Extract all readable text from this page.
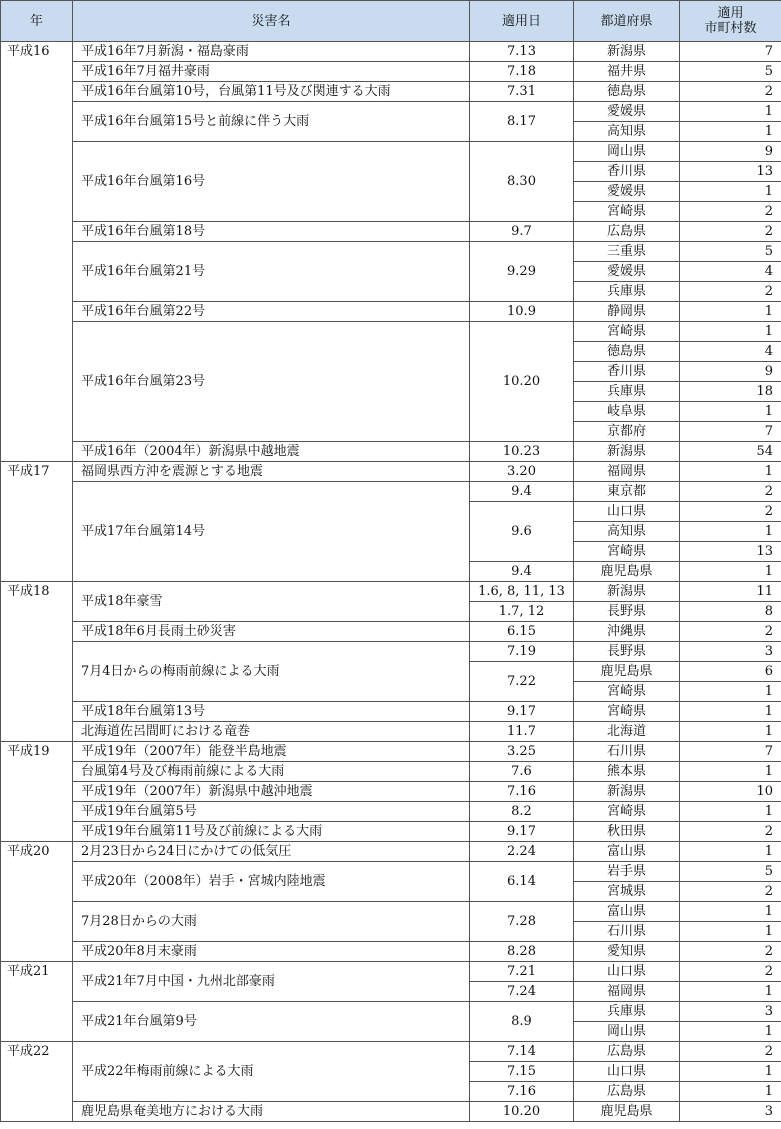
年	災害名	適用日	都道府県	適用
市町村数

平成16	平成16年7月新潟・福島豪雨	7.13	新潟県	7
	平成16年7月福井豪雨	7.18	福井県	5
	平成16年台風第10号，台風第11号及び関連する大雨	7.31	徳島県	2
	平成16年台風第15号と前線に伴う大雨	8.17	愛媛県	1
			高知県	1
	平成16年台風第16号	8.30	岡山県	9
			香川県	13
			愛媛県	1
			宮崎県	2
	平成16年台風第18号	9.7	広島県	2
	平成16年台風第21号	9.29	三重県	5
			愛媛県	4
			兵庫県	2
	平成16年台風第22号	10.9	静岡県	1
	平成16年台風第23号	10.20	宮崎県	1
			徳島県	4
			香川県	9
			兵庫県	18
			岐阜県	1
			京都府	7
	平成16年（2004年）新潟県中越地震	10.23	新潟県	54
平成17	福岡県西方沖を震源とする地震	3.20	福岡県	1
	平成17年台風第14号	9.4	東京都	2
		9.6	山口県	2
			高知県	1
			宮崎県	13
		9.4	鹿児島県	1
平成18	平成18年豪雪	1.6, 8, 11, 13	新潟県	11
		1.7, 12	長野県	8
	平成18年6月長雨土砂災害	6.15	沖縄県	2
	7月4日からの梅雨前線による大雨	7.19	長野県	3
		7.22	鹿児島県	6
			宮崎県	1
	平成18年台風第13号	9.17	宮崎県	1
	北海道佐呂間町における竜巻	11.7	北海道	1
平成19	平成19年（2007年）能登半島地震	3.25	石川県	7
	台風第4号及び梅雨前線による大雨	7.6	熊本県	1
	平成19年（2007年）新潟県中越沖地震	7.16	新潟県	10
	平成19年台風第5号	8.2	宮崎県	1
	平成19年台風第11号及び前線による大雨	9.17	秋田県	2
平成20	2月23日から24日にかけての低気圧	2.24	富山県	1
	平成20年（2008年）岩手・宮城内陸地震	6.14	岩手県	5
			宮城県	2
	7月28日からの大雨	7.28	富山県	1
			石川県	1
	平成20年8月末豪雨	8.28	愛知県	2
平成21	平成21年7月中国・九州北部豪雨	7.21	山口県	2
		7.24	福岡県	1
	平成21年台風第9号	8.9	兵庫県	3
			岡山県	1
平成22	平成22年梅雨前線による大雨	7.14	広島県	2
		7.15	山口県	1
		7.16	広島県	1
	鹿児島県奄美地方における大雨	10.20	鹿児島県	3
